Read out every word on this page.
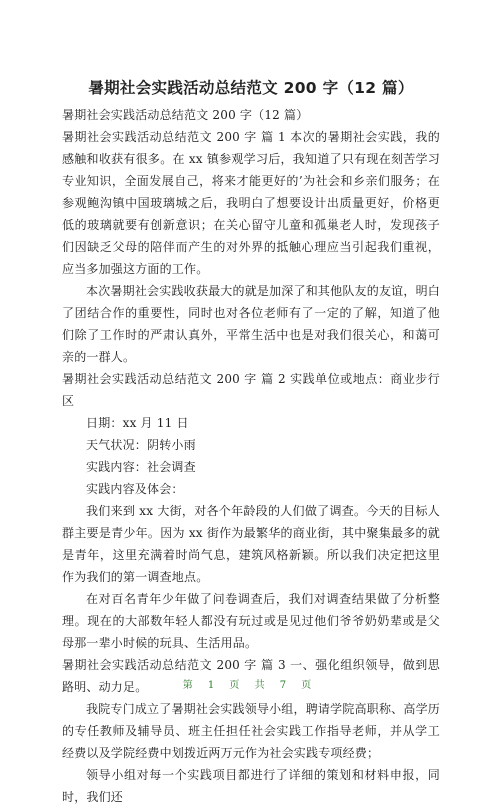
暑期社会实践活动总结范文 200 字（12 篇）

暑期社会实践活动总结范文 200 字（12 篇）

暑期社会实践活动总结范文 200 字 篇 1 本次的暑期社会实践，我的感触和收获有很多。在 xx 镇参观学习后，我知道了只有现在刻苦学习专业知识，全面发展自己，将来才能更好的’为社会和乡亲们服务；在参观鲍沟镇中国玻璃城之后，我明白了想要设计出质量更好，价格更低的玻璃就要有创新意识；在关心留守儿童和孤巢老人时，发现孩子们因缺乏父母的陪伴而产生的对外界的抵触心理应当引起我们重视，应当多加强这方面的工作。

本次暑期社会实践收获最大的就是加深了和其他队友的友谊，明白了团结合作的重要性，同时也对各位老师有了一定的了解，知道了他们除了工作时的严肃认真外，平常生活中也是对我们很关心，和蔼可亲的一群人。

暑期社会实践活动总结范文 200 字 篇 2 实践单位或地点：商业步行区

日期：xx 月 11 日

天气状况：阴转小雨

实践内容：社会调查

实践内容及体会：

我们来到 xx 大街，对各个年龄段的人们做了调查。今天的目标人群主要是青少年。因为 xx 街作为最繁华的商业街，其中聚集最多的就是青年，这里充满着时尚气息，建筑风格新颖。所以我们决定把这里作为我们的第一调查地点。

在对百名青年少年做了问卷调查后，我们对调查结果做了分析整理。现在的大部数年轻人都没有玩过或是见过他们爷爷奶奶辈或是父母那一辈小时候的玩具、生活用品。

暑期社会实践活动总结范文 200 字 篇 3 一、强化组织领导，做到思路明、动力足。

我院专门成立了暑期社会实践领导小组，聘请学院高职称、高学历的专任教师及辅导员、班主任担任社会实践工作指导老师，并从学工经费以及学院经费中划拨近两万元作为社会实践专项经费；

领导小组对每一个实践项目都进行了详细的策划和材料申报，同时，我们还

第 1 页 共 7 页
